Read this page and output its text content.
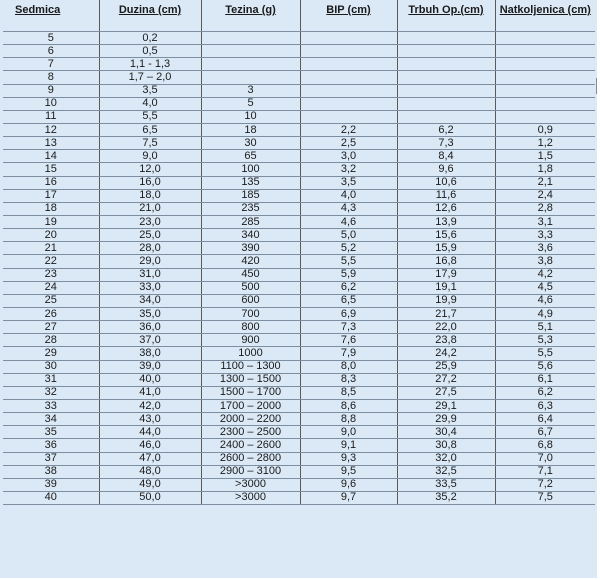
Sedmica	Duzina (cm)	Tezina (g)	BIP (cm)	Trbuh Op.(cm)	Natkoljenica (cm)

5	0,2				
6	0,5				
7	1,1 - 1,3				
8	1,7 – 2,0				
9	3,5	3			
10	4,0	5			
11	5,5	10			
12	6,5	18	2,2	6,2	0,9
13	7,5	30	2,5	7,3	1,2
14	9,0	65	3,0	8,4	1,5
15	12,0	100	3,2	9,6	1,8
16	16,0	135	3,5	10,6	2,1
17	18,0	185	4,0	11,6	2,4
18	21,0	235	4,3	12,6	2,8
19	23,0	285	4,6	13,9	3,1
20	25,0	340	5,0	15,6	3,3
21	28,0	390	5,2	15,9	3,6
22	29,0	420	5,5	16,8	3,8
23	31,0	450	5,9	17,9	4,2
24	33,0	500	6,2	19,1	4,5
25	34,0	600	6,5	19,9	4,6
26	35,0	700	6,9	21,7	4,9
27	36,0	800	7,3	22,0	5,1
28	37,0	900	7,6	23,8	5,3
29	38,0	1000	7,9	24,2	5,5
30	39,0	1100 – 1300	8,0	25,9	5,6
31	40,0	1300 – 1500	8,3	27,2	6,1
32	41,0	1500 – 1700	8,5	27,5	6,2
33	42,0	1700 – 2000	8,6	29,1	6,3
34	43,0	2000 – 2200	8,8	29,9	6,4
35	44,0	2300 – 2500	9,0	30,4	6,7
36	46,0	2400 – 2600	9,1	30,8	6,8
37	47,0	2600 – 2800	9,3	32,0	7,0
38	48,0	2900 – 3100	9,5	32,5	7,1
39	49,0	>3000	9,6	33,5	7,2
40	50,0	>3000	9,7	35,2	7,5
